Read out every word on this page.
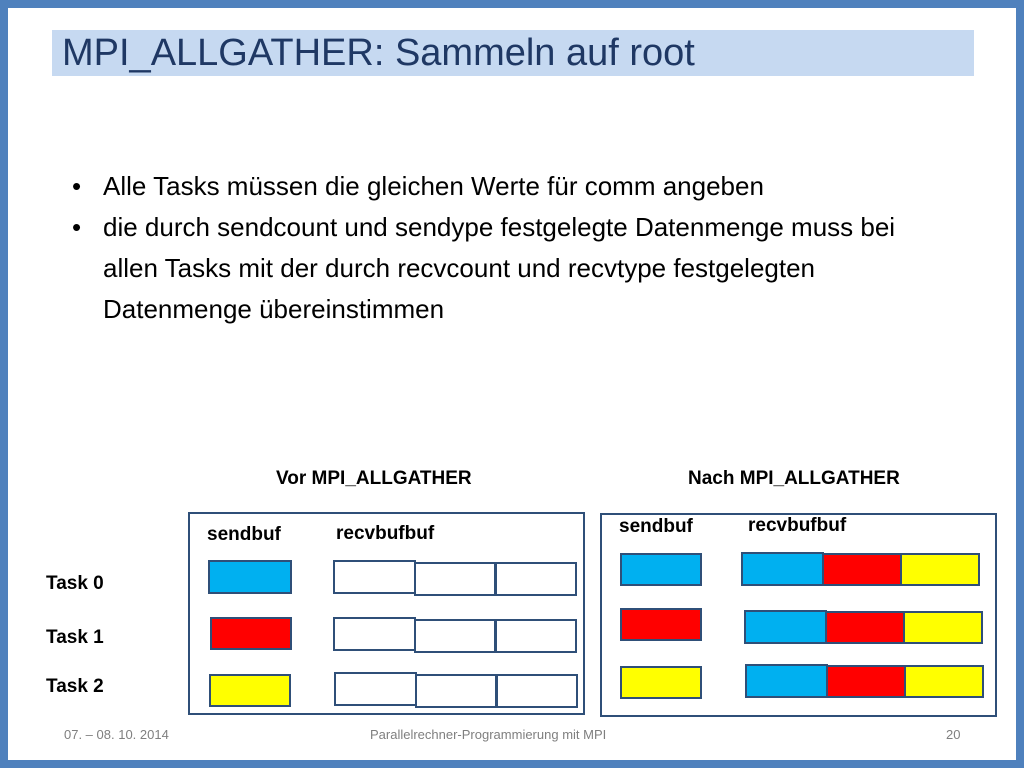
MPI_ALLGATHER: Sammeln auf root
• Alle Tasks müssen die gleichen Werte für comm angeben
• die durch sendcount und sendype festgelegte Datenmenge muss bei allen Tasks mit der durch recvcount und recvtype festgelegten Datenmenge übereinstimmen
Vor MPI_ALLGATHER	Nach MPI_ALLGATHER
Task 0
Task 1
Task 2
sendbuf	recvbufbuf	sendbuf	recvbufbuf
07. – 08. 10. 2014	Parallelrechner-Programmierung mit MPI	20
